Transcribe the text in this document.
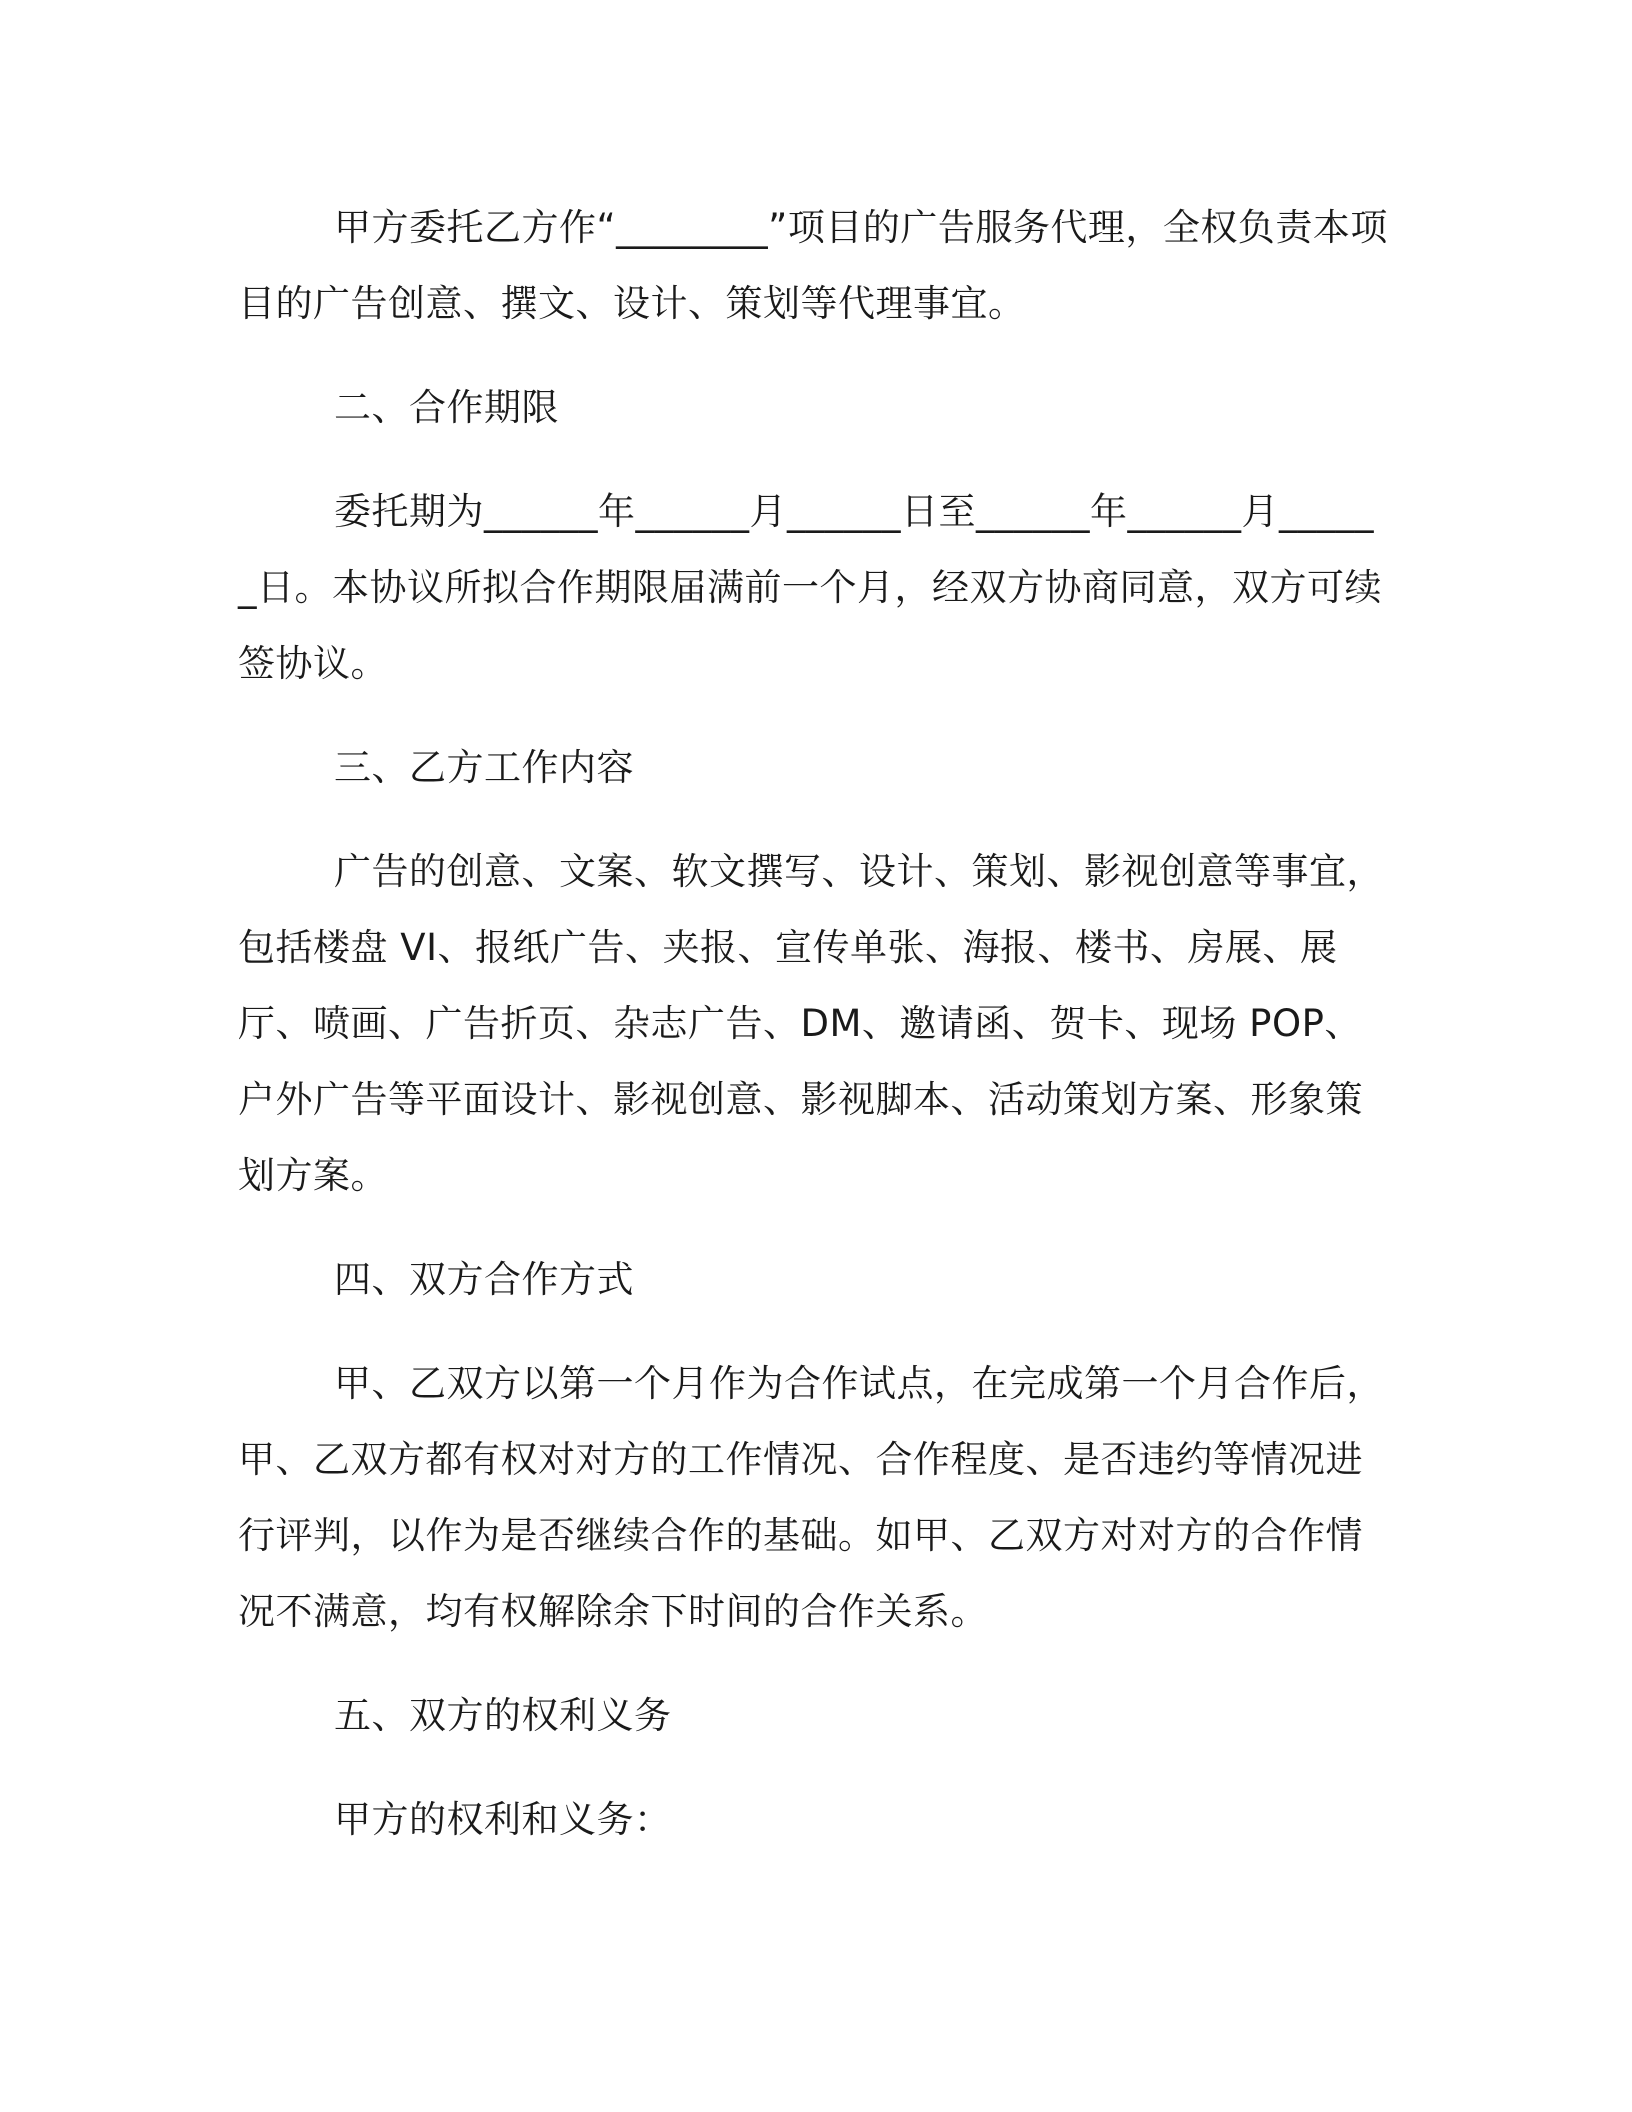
甲方委托乙方作“________”项目的广告服务代理，全权负责本项目的广告创意、撰文、设计、策划等代理事宜。

二、合作期限

委托期为______年______月______日至______年______月______日。本协议所拟合作期限届满前一个月，经双方协商同意，双方可续签协议。

三、乙方工作内容

广告的创意、文案、软文撰写、设计、策划、影视创意等事宜，包括楼盘 VI、报纸广告、夹报、宣传单张、海报、楼书、房展、展厅、喷画、广告折页、杂志广告、DM、邀请函、贺卡、现场 POP、户外广告等平面设计、影视创意、影视脚本、活动策划方案、形象策划方案。

四、双方合作方式

甲、乙双方以第一个月作为合作试点，在完成第一个月合作后，甲、乙双方都有权对对方的工作情况、合作程度、是否违约等情况进行评判，以作为是否继续合作的基础。如甲、乙双方对对方的合作情况不满意，均有权解除余下时间的合作关系。

五、双方的权利义务

甲方的权利和义务：
